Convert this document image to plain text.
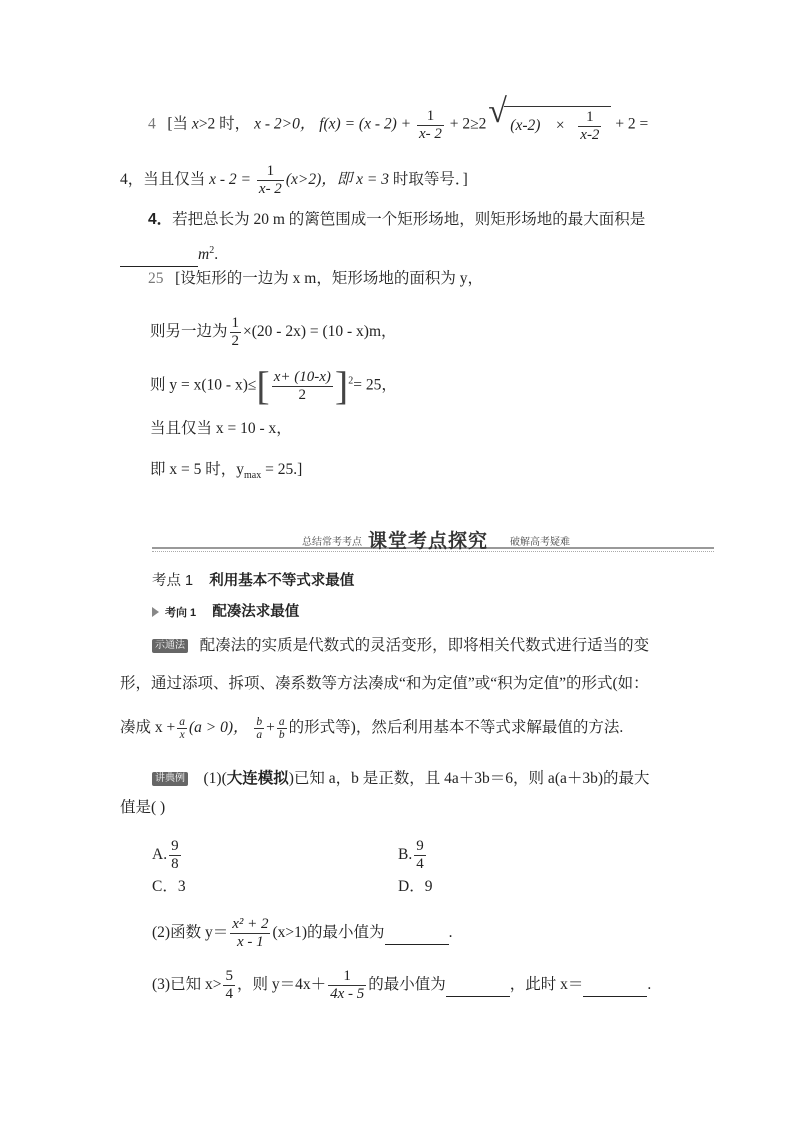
4 [当 x>2 时， x - 2>0， $f(x) = (x - 2) + \frac{1}{x- 2} + 2\ge 2$ √ $(x-2) \times \frac{1}{x-2} + 2$ =
4，当且仅当 $x - 2 = \frac{1}{x- 2} (x>2)$，即 x = 3 时取等号．]
4．若把总长为 20 m 的篱笆围成一个矩形场地，则矩形场地的最大面积是
$m^2$.
25 [设矩形的一边为 x m，矩形场地的面积为 y，
则另一边为 $\frac{1}{2} \times(20 - 2x) = (10 - x)m$，
则 $y = x(10 - x)\le[ \frac{x+ (10-x)}{2} ]^2= 25$，
当且仅当 x = 10 - x，
即 x = 5 时，$y_{max} = 25$.]
总结常考考点 课堂考点探究 破解高考疑难
考点 1 利用基本不等式求最值
考向 1 配凑法求最值
示通法 配凑法的实质是代数式的灵活变形，即将相关代数式进行适当的变
形，通过添项、拆项、凑系数等方法凑成“和为定值”或“积为定值”的形式(如：
凑成 $x + \frac{a}{x} (a > 0)$， $\frac{b}{a} + \frac{a}{b}$ 的形式等)，然后利用基本不等式求解最值的方法.
讲典例 (1)(大连模拟)已知 a，b 是正数，且 4a＋3b＝6，则 a(a＋3b)的最大
值是( )
A. $\frac{9}{8}$	B. $\frac{9}{4}$
C．3	D．9
(2)函数 $y= \frac{\text{x² + 2}}{x - 1} (x>1)$的最小值为	.
(3)已知 $x> \frac{5}{4}$ ，则 $y=4x+ \frac{1}{4x - 5}$ 的最小值为	，此时 x＝	.
